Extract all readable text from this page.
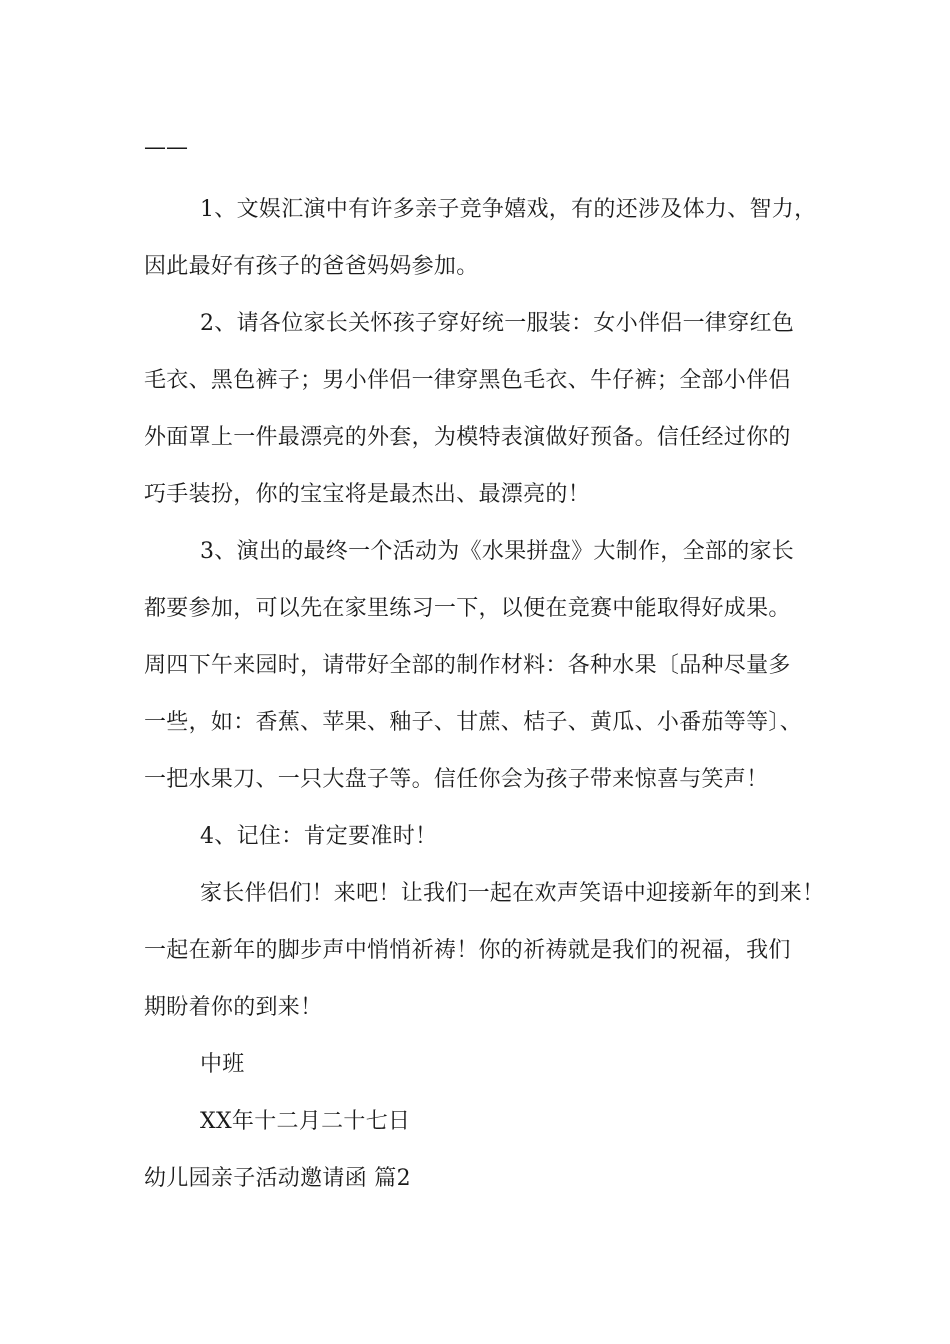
——
1、文娱汇演中有许多亲子竞争嬉戏，有的还涉及体力、智力，
因此最好有孩子的爸爸妈妈参加。
2、请各位家长关怀孩子穿好统一服装：女小伴侣一律穿红色
毛衣、黑色裤子；男小伴侣一律穿黑色毛衣、牛仔裤；全部小伴侣
外面罩上一件最漂亮的外套，为模特表演做好预备。信任经过你的
巧手装扮，你的宝宝将是最杰出、最漂亮的！
3、演出的最终一个活动为《水果拼盘》大制作，全部的家长
都要参加，可以先在家里练习一下，以便在竞赛中能取得好成果。
周四下午来园时，请带好全部的制作材料：各种水果〔品种尽量多
一些，如：香蕉、苹果、釉子、甘蔗、桔子、黄瓜、小番茄等等〕、
一把水果刀、一只大盘子等。信任你会为孩子带来惊喜与笑声！
4、记住：肯定要准时！
家长伴侣们！来吧！让我们一起在欢声笑语中迎接新年的到来！
一起在新年的脚步声中悄悄祈祷！你的祈祷就是我们的祝福，我们
期盼着你的到来！
中班
XX年十二月二十七日
幼儿园亲子活动邀请函 篇2
